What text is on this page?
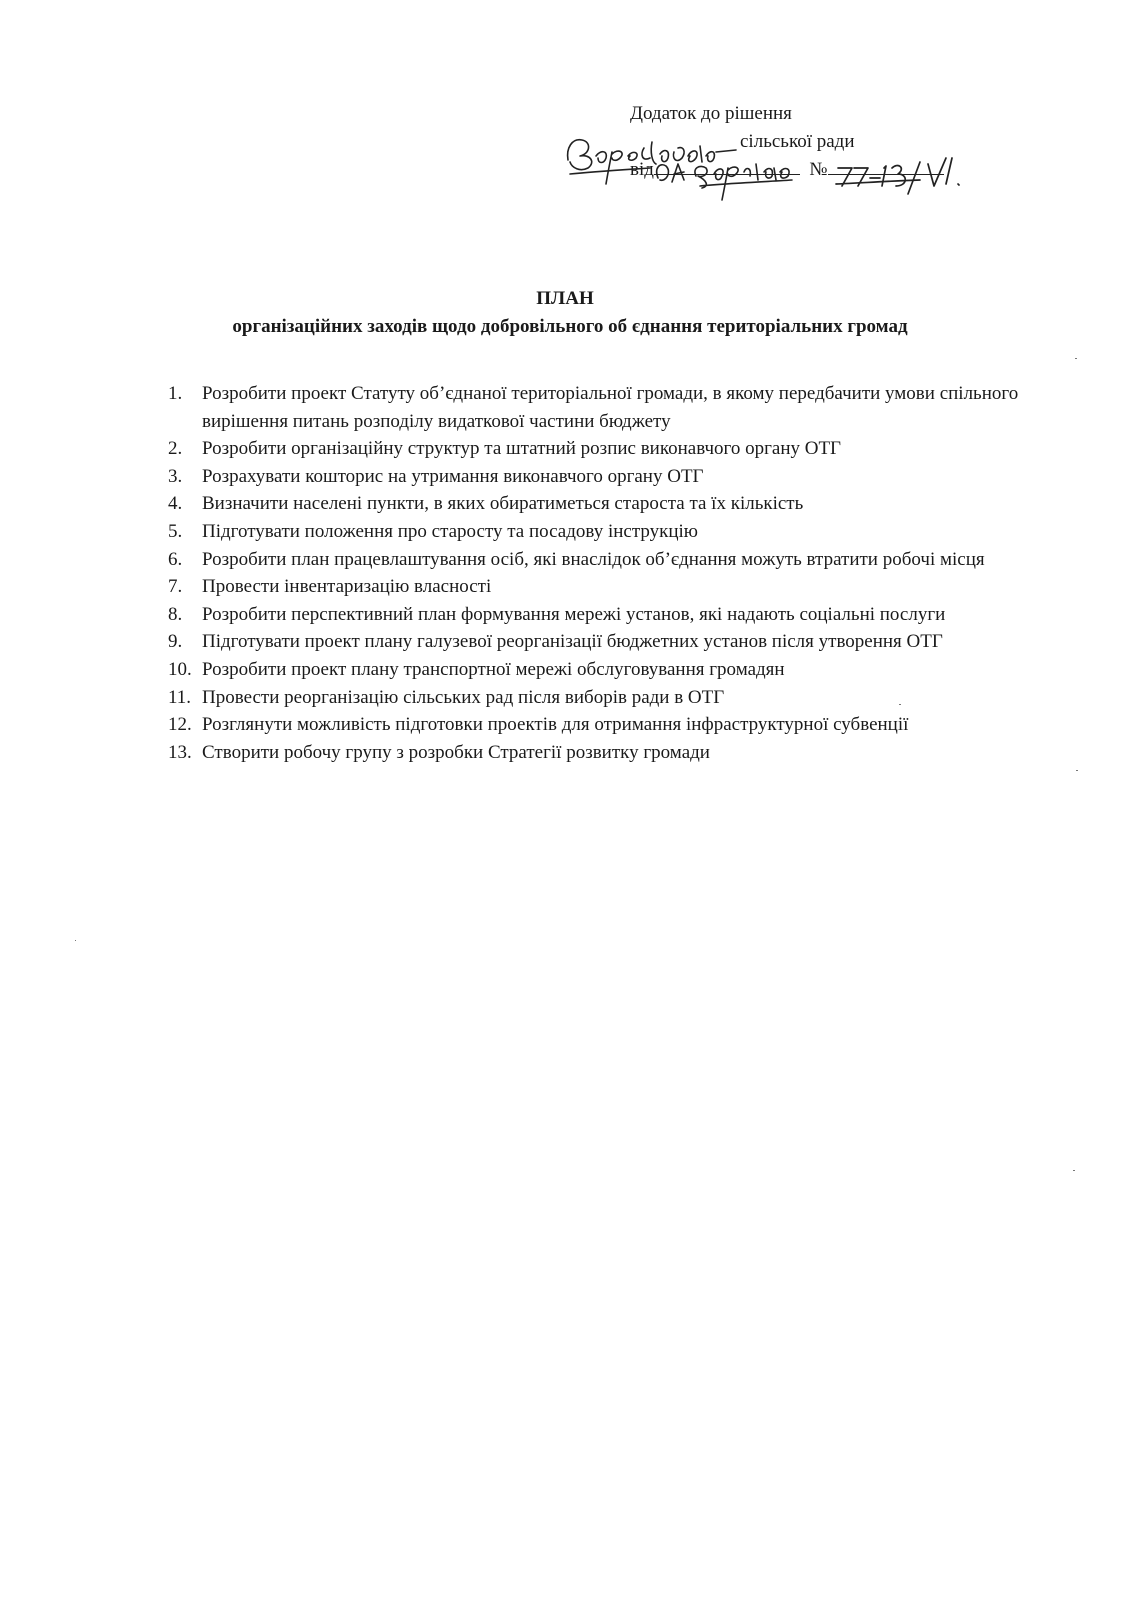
Додаток до рішення
сільської ради
від	№
ПЛАН
організаційних заходів щодо добровільного об єднання територіальних громад
1.	Розробити проект Статуту об’єднаної територіальної громади, в якому передбачити умови спільного вирішення питань розподілу видаткової частини бюджету
2.	Розробити організаційну структур та штатний розпис виконавчого органу ОТГ
3.	Розрахувати кошторис на утримання виконавчого органу ОТГ
4.	Визначити населені пункти, в яких обиратиметься староста та їх кількість
5.	Підготувати положення про старосту та посадову інструкцію
6.	Розробити план працевлаштування осіб, які внаслідок об’єднання можуть втратити робочі місця
7.	Провести інвентаризацію власності
8.	Розробити перспективний план формування мережі установ, які надають соціальні послуги
9.	Підготувати проект плану галузевої реорганізації бюджетних установ після утворення ОТГ
10. Розробити проект плану транспортної мережі обслуговування громадян
11. Провести реорганізацію сільських рад після виборів ради в ОТГ
12. Розглянути можливість підготовки проектів для отримання інфраструктурної субвенції
13. Створити робочу групу з розробки Стратегії розвитку громади
